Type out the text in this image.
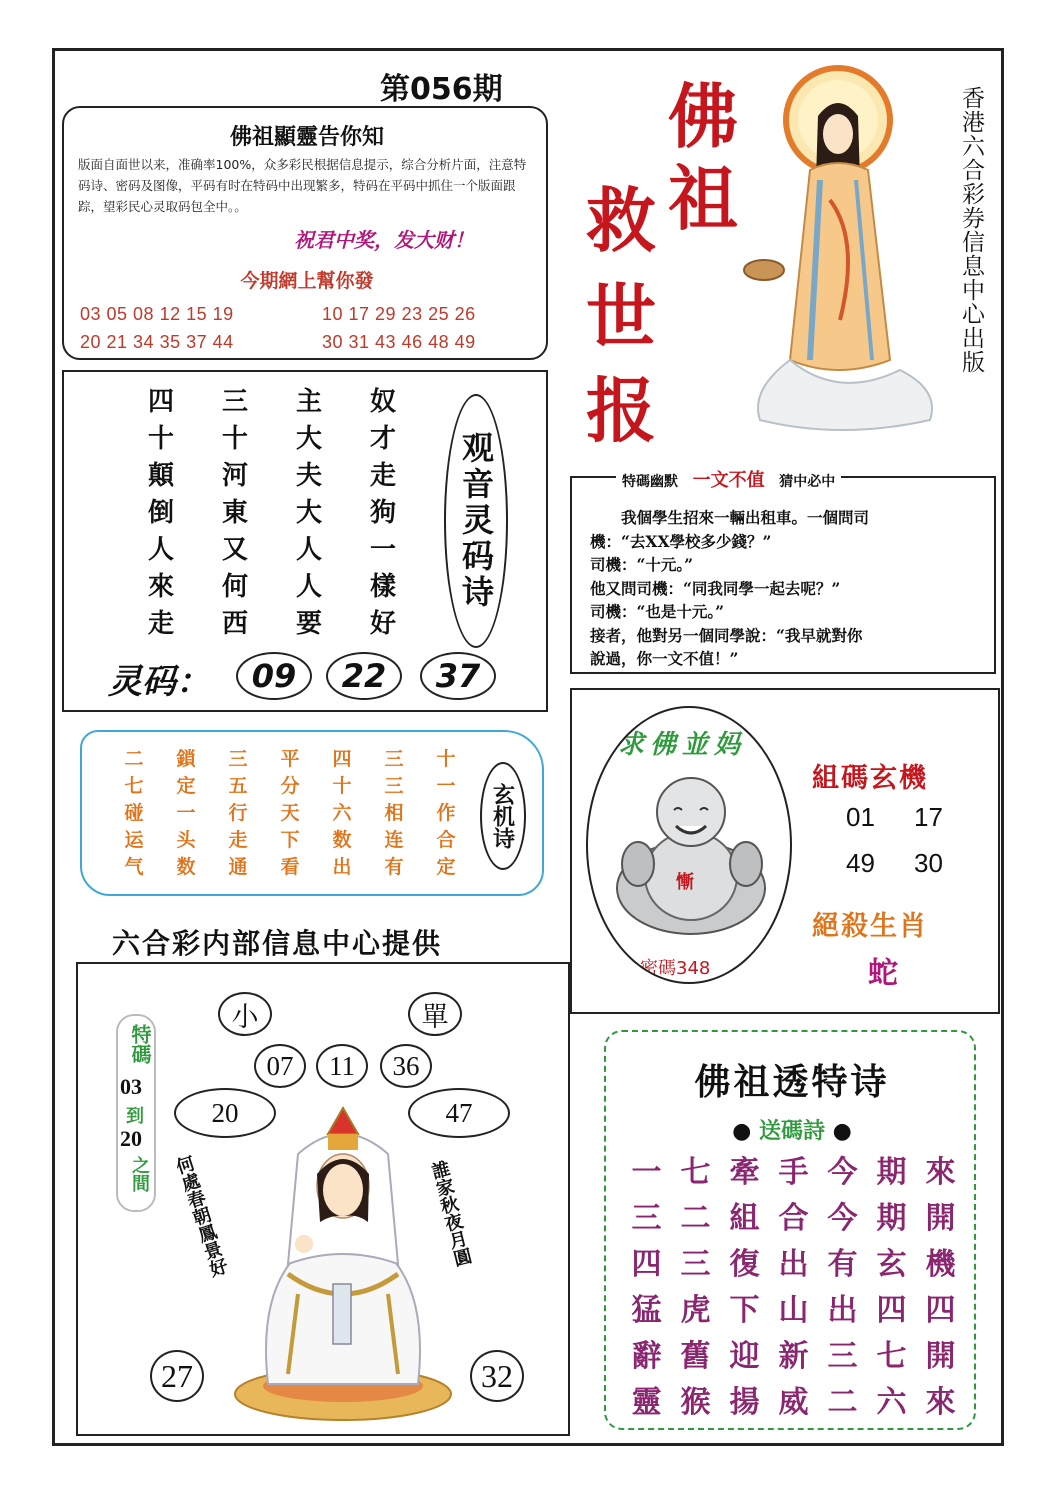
第056期
佛祖顯靈告你知
版面自面世以来，准确率100%，众多彩民根据信息提示，综合分析片面，注意特码诗、密码及图像，平码有时在特码中出现繁多，特码在平码中抓住一个版面跟踪，望彩民心灵取码包全中。。
祝君中奖，发大财！
今期網上幫你發
03 05 08 12 15 19	10 17 29 23 25 26
20 21 34 35 37 44	30 31 43 46 48 49
四	三	主	奴
十	十	大	才
顛	河	夫	走
倒	東	大	狗
人	又	人	一
來	何	人	樣
走	西	要	好
观音灵码诗
灵码：	09	22	37
二	鎖	三	平	四	三	十
七	定	五	分	十	三	一
碰	一	行	天	六	相	作
运	头	走	下	数	连	合
气	数	通	看	出	有	定
玄机诗
六合彩内部信息中心提供
小	單
07	11	36
20	47
27	32
特碼
03
到
20
之間 何處春朝鳳景好	誰家秋夜月圓
佛
祖
救
世
报
香港六合彩券信息中心出版
特碼幽默 一文不值 猜中必中
　　我個學生招來一輛出租車。一個問司
機：“去XX學校多少錢？”
司機：“十元。”
他又問司機：“同我同學一起去呢？”
司機：“也是十元。”
接者，他對另一個同學說：“我早就對你
說過，你一文不值！”
求佛並妈
慚
密碼348
組碼玄機
01 17
49 30
絕殺生肖
蛇
佛祖透特诗
● 送碼詩 ●
一 七 牽 手 今 期 來
三 二 組 合 今 期 開
四 三 復 出 有 玄 機
猛 虎 下 山 出 四 四
辭 舊 迎 新 三 七 開
靈 猴 揚 威 二 六 來
